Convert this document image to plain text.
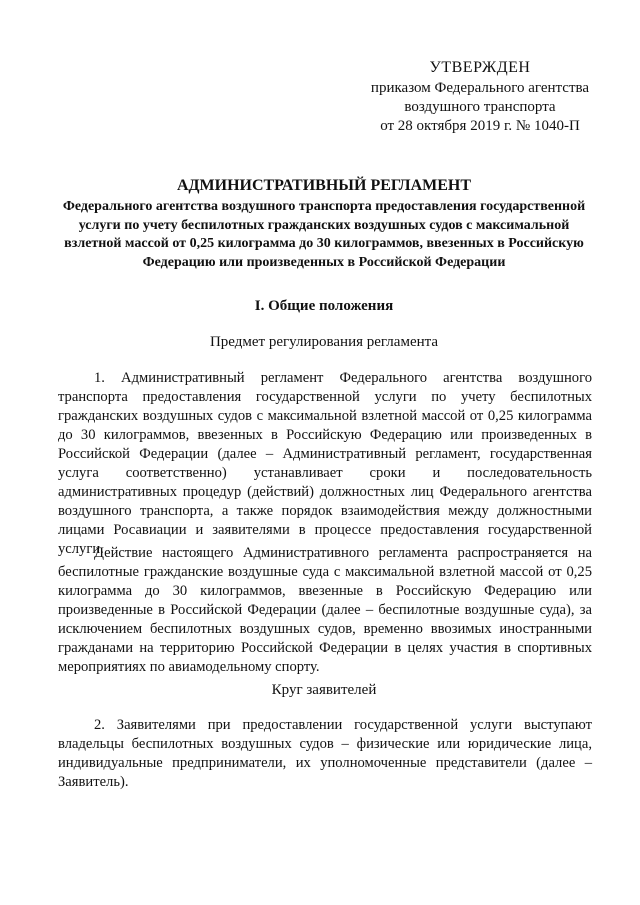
УТВЕРЖДЕН
приказом Федерального агентства
воздушного транспорта
от 28 октября 2019 г. № 1040-П
АДМИНИСТРАТИВНЫЙ РЕГЛАМЕНТ
Федерального агентства воздушного транспорта предоставления государственной услуги по учету беспилотных гражданских воздушных судов с максимальной взлетной массой от 0,25 килограмма до 30 килограммов, ввезенных в Российскую Федерацию или произведенных в Российской Федерации
I. Общие положения
Предмет регулирования регламента

1. Административный регламент Федерального агентства воздушного транспорта предоставления государственной услуги по учету беспилотных гражданских воздушных судов с максимальной взлетной массой от 0,25 килограмма до 30 килограммов, ввезенных в Российскую Федерацию или произведенных в Российской Федерации (далее – Административный регламент, государственная услуга соответственно) устанавливает сроки и последовательность административных процедур (действий) должностных лиц Федерального агентства воздушного транспорта, а также порядок взаимодействия между должностными лицами Росавиации и заявителями в процессе предоставления государственной услуги.

Действие настоящего Административного регламента распространяется на беспилотные гражданские воздушные суда с максимальной взлетной массой от 0,25 килограмма до 30 килограммов, ввезенные в Российскую Федерацию или произведенные в Российской Федерации (далее – беспилотные воздушные суда), за исключением беспилотных воздушных судов, временно ввозимых иностранными гражданами на территорию Российской Федерации в целях участия в спортивных мероприятиях по авиамодельному спорту.

Круг заявителей

2. Заявителями при предоставлении государственной услуги выступают владельцы беспилотных воздушных судов – физические или юридические лица, индивидуальные предприниматели, их уполномоченные представители (далее – Заявитель).
